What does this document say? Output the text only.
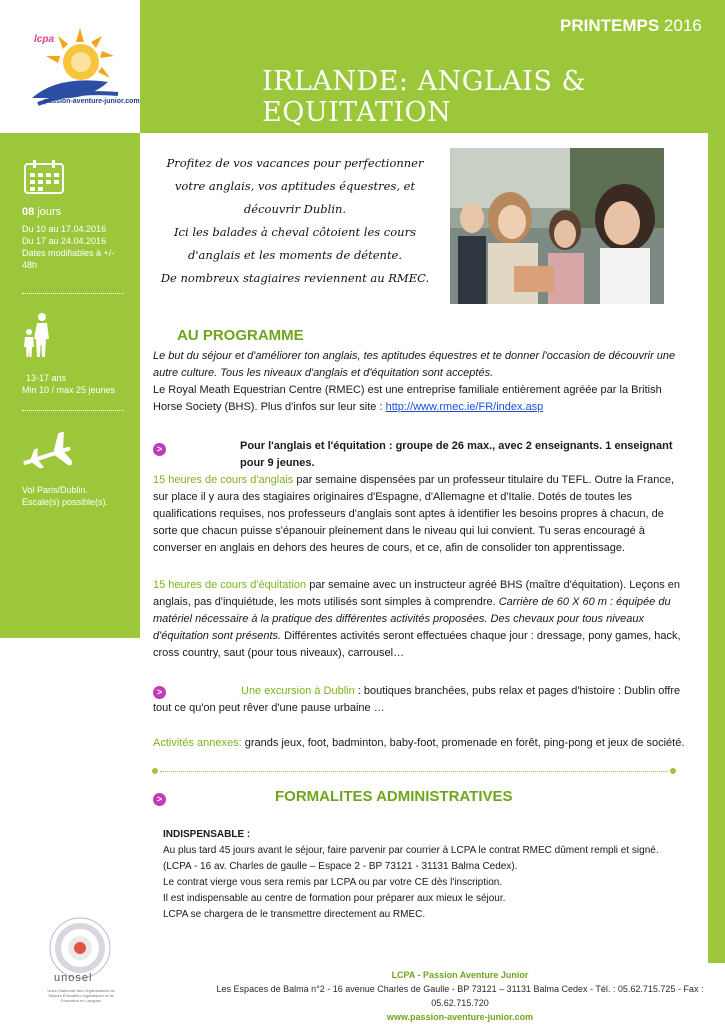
PRINTEMPS 2016
IRLANDE: ANGLAIS & EQUITATION
lcpa
passion-aventure-junior.com
08 jours
Du 10 au 17.04.2016
Du 17 au 24.04.2016
Dates modifiables à +/-
48h
13-17 ans
Min 10 / max 25 jeunes
Vol Paris/Dublin.
Escale(s) possible(s).
Profitez de vos vacances pour perfectionner
votre anglais, vos aptitudes équestres, et
découvrir Dublin.
Ici les balades à cheval côtoient les cours
d'anglais et les moments de détente.
De nombreux stagiaires reviennent au RMEC.
AU PROGRAMME
Le but du séjour et d'améliorer ton anglais, tes aptitudes équestres et te donner l'occasion de découvrir une autre culture. Tous les niveaux d'anglais et d'équitation sont acceptés.
Le Royal Meath Equestrian Centre (RMEC) est une entreprise familiale entièrement agréée par la British Horse Society (BHS). Plus d'infos sur leur site : http://www.rmec.ie/FR/index.asp
>	Pour l'anglais et l'équitation : groupe de 26 max., avec 2 enseignants. 1 enseignant pour 9 jeunes.
15 heures de cours d'anglais par semaine dispensées par un professeur titulaire du TEFL. Outre la France, sur place il y aura des stagiaires originaires d'Espagne, d'Allemagne et d'Italie. Dotés de toutes les qualifications requises, nos professeurs d'anglais sont aptes à identifier les besoins propres à chacun, de sorte que chacun puisse s'épanouir pleinement dans le niveau qui lui convient. Tu seras encouragé à converser en anglais en dehors des heures de cours, et ce, afin de consolider ton apprentissage.
15 heures de cours d'équitation par semaine avec un instructeur agréé BHS (maître d'équitation). Leçons en anglais, pas d'inquiétude, les mots utilisés sont simples à comprendre. Carrière de 60 X 60 m : équipée du matériel nécessaire à la pratique des différentes activités proposées. Des chevaux pour tous niveaux d'équitation sont présents. Différentes activités seront effectuées chaque jour : dressage, pony games, hack, cross country, saut (pour tous niveaux), carrousel…
>	Une excursion à Dublin : boutiques branchées, pubs relax et pages d'histoire : Dublin offre tout ce qu'on peut rêver d'une pause urbaine …
Activités annexes: grands jeux, foot, badminton, baby-foot, promenade en forêt, ping-pong et jeux de société.
>	FORMALITES ADMINISTRATIVES
INDISPENSABLE :
Au plus tard 45 jours avant le séjour, faire parvenir par courrier à LCPA le contrat RMEC dûment rempli et signé.
(LCPA - 16 av. Charles de gaulle – Espace 2 - BP 73121 - 31131 Balma Cedex).
Le contrat vierge vous sera remis par LCPA ou par votre CE dès l'inscription.
Il est indispensable au centre de formation pour préparer aux mieux le séjour.
LCPA se chargera de le transmettre directement au RMEC.
unosel
Union Nationale des Organisations de Séjours Éducatifs Linguistiques et de Formation en Langues
LCPA - Passion Aventure Junior
Les Espaces de Balma n°2 - 16 avenue Charles de Gaulle - BP 73121 – 31131 Balma Cedex - Tél. : 05.62.715.725 - Fax : 05.62.715.720
www.passion-aventure-junior.com
